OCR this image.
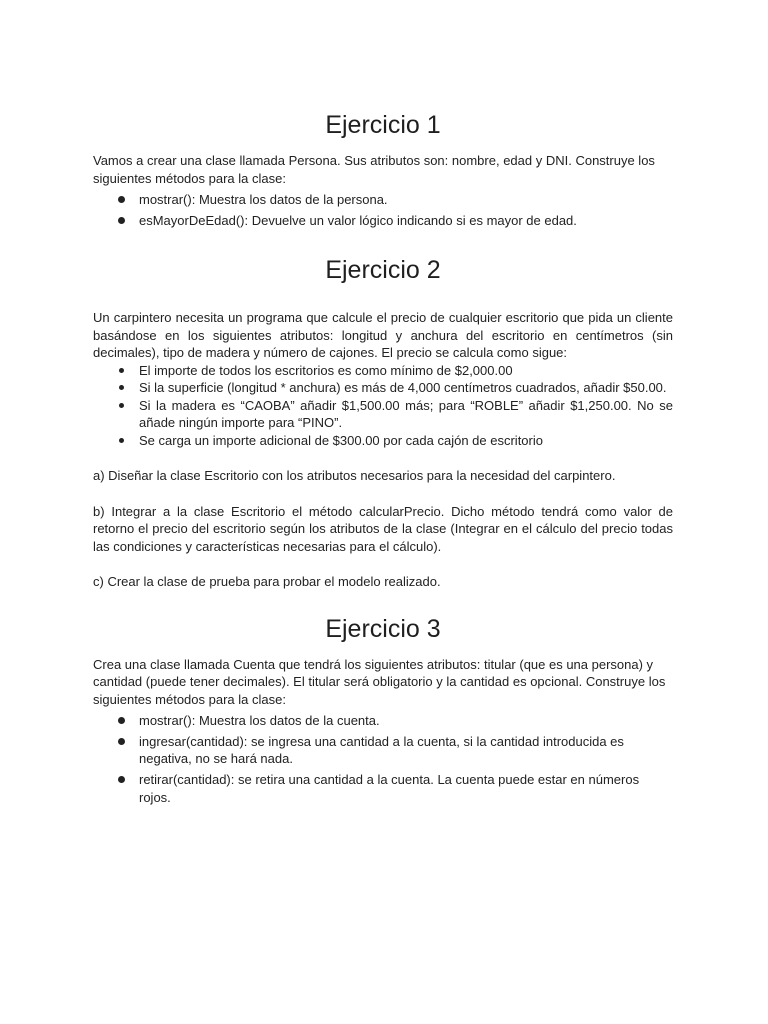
Ejercicio 1

Vamos a crear una clase llamada Persona. Sus atributos son: nombre, edad y DNI. Construye los siguientes métodos para la clase:

mostrar(): Muestra los datos de la persona.
esMayorDeEdad(): Devuelve un valor lógico indicando si es mayor de edad.
Ejercicio 2

Un carpintero necesita un programa que calcule el precio de cualquier escritorio que pida un cliente basándose en los siguientes atributos: longitud y anchura del escritorio en centímetros (sin decimales), tipo de madera y número de cajones. El precio se calcula como sigue:

El importe de todos los escritorios es como mínimo de $2,000.00
Si la superficie (longitud * anchura) es más de 4,000 centímetros cuadrados, añadir $50.00.
Si la madera es “CAOBA” añadir $1,500.00 más; para “ROBLE” añadir $1,250.00. No se añade ningún importe para “PINO”.
Se carga un importe adicional de $300.00 por cada cajón de escritorio

a) Diseñar la clase Escritorio con los atributos necesarios para la necesidad del carpintero.

b) Integrar a la clase Escritorio el método calcularPrecio. Dicho método tendrá como valor de retorno el precio del escritorio según los atributos de la clase (Integrar en el cálculo del precio todas las condiciones y características necesarias para el cálculo).

c) Crear la clase de prueba para probar el modelo realizado.

Ejercicio 3

Crea una clase llamada Cuenta que tendrá los siguientes atributos: titular (que es una persona) y cantidad (puede tener decimales). El titular será obligatorio y la cantidad es opcional. Construye los siguientes métodos para la clase:

mostrar(): Muestra los datos de la cuenta.
ingresar(cantidad): se ingresa una cantidad a la cuenta, si la cantidad introducida es negativa, no se hará nada.
retirar(cantidad): se retira una cantidad a la cuenta. La cuenta puede estar en números rojos.
